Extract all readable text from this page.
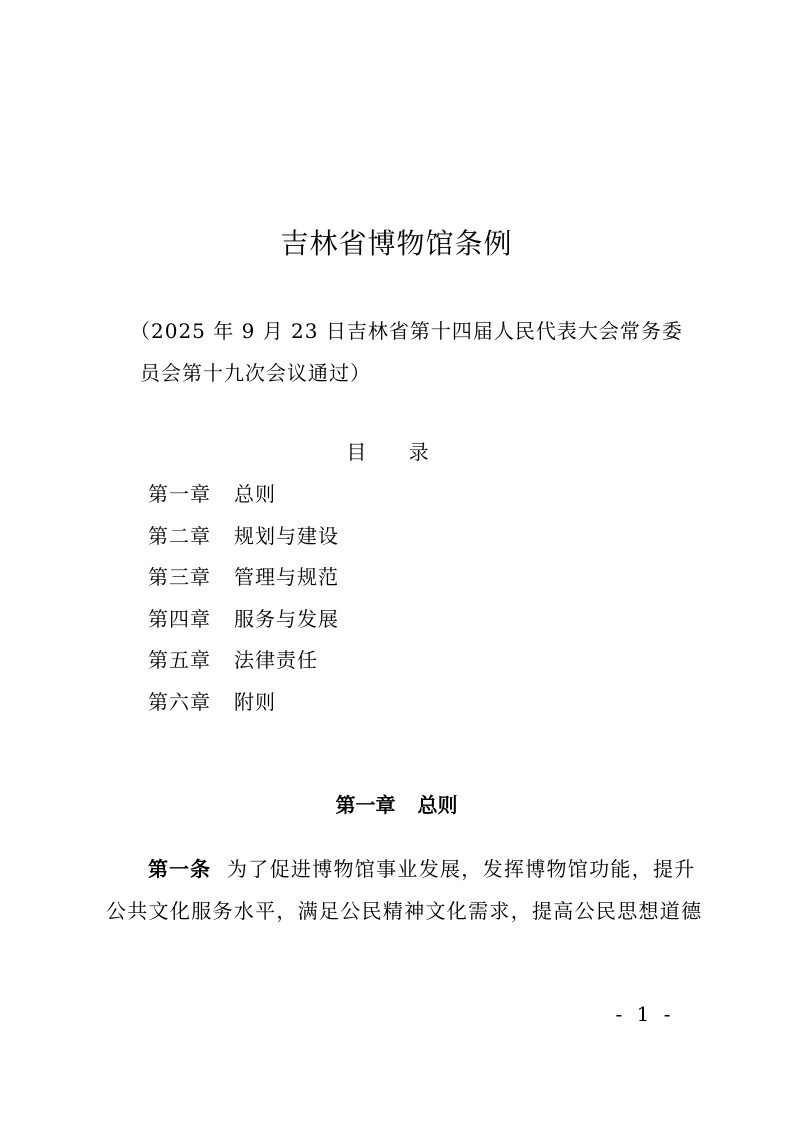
吉林省博物馆条例
（2025 年 9 月 23 日吉林省第十四届人民代表大会常务委
员会第十九次会议通过）
目 录
第一章 总则
第二章 规划与建设
第三章 管理与规范
第四章 服务与发展
第五章 法律责任
第六章 附则
第一章 总则
第一条 为了促进博物馆事业发展，发挥博物馆功能，提升
公共文化服务水平，满足公民精神文化需求，提高公民思想道德
- 1 -
